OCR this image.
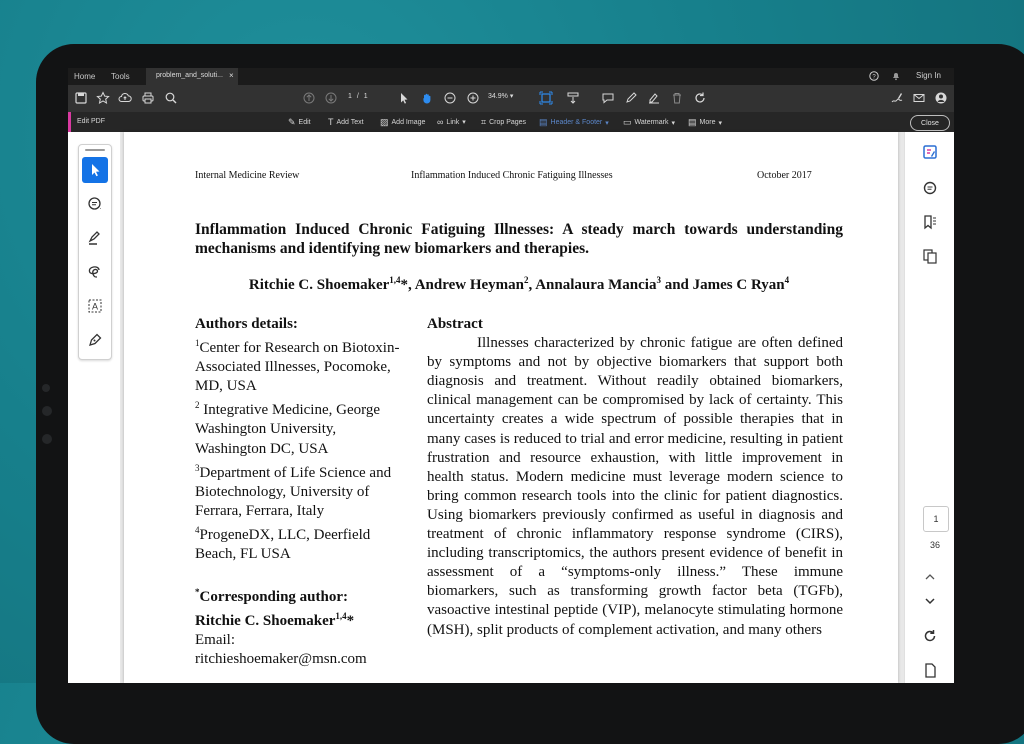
Home Tools	problem_and_soluti... ×	?	Sign In
1 / 1	34.9% ▾
Edit PDF	✎ Edit T Add Text ▨ Add Image ∞ Link ▾ ⌗ Crop Pages ▤ Header & Footer ▾ ▭ Watermark ▾ ▤ More ▾	Close
A
Internal Medicine Review	Inflammation Induced Chronic Fatiguing Illnesses	October 2017
Inflammation Induced Chronic Fatiguing Illnesses: A steady march towards understanding mechanisms and identifying new biomarkers and therapies.
Ritchie C. Shoemaker$^{1,4}$*, Andrew Heyman$^2$, Annalaura Mancia$^3$ and James C Ryan$^4$
Authors details:
$^1$Center for Research on Biotoxin-Associated Illnesses, Pocomoke, MD, USA
$^2$ Integrative Medicine, George Washington University, Washington DC, USA
$^3$Department of Life Science and Biotechnology, University of Ferrara, Ferrara, Italy
$^4$ProgeneDX, LLC, Deerfield Beach, FL USA
*Corresponding author:
Ritchie C. Shoemaker$^{1,4}$*
Email:
ritchieshoemaker@msn.com
Abstract
Illnesses characterized by chronic fatigue are often defined by symptoms and not by objective biomarkers that support both diagnosis and treatment. Without readily obtained biomarkers, clinical management can be compromised by lack of certainty. This uncertainty creates a wide spectrum of possible therapies that in many cases is reduced to trial and error medicine, resulting in patient frustration and resource exhaustion, with little improvement in health status. Modern medicine must leverage modern science to bring common research tools into the clinic for patient diagnostics. Using biomarkers previously confirmed as useful in diagnosis and treatment of chronic inflammatory response syndrome (CIRS), including transcriptomics, the authors present evidence of benefit in assessment of a “symptoms-only illness.” These immune biomarkers, such as transforming growth factor beta (TGFb), vasoactive intestinal peptide (VIP), melanocyte stimulating hormone (MSH), split products of complement activation, and many others
1
36
